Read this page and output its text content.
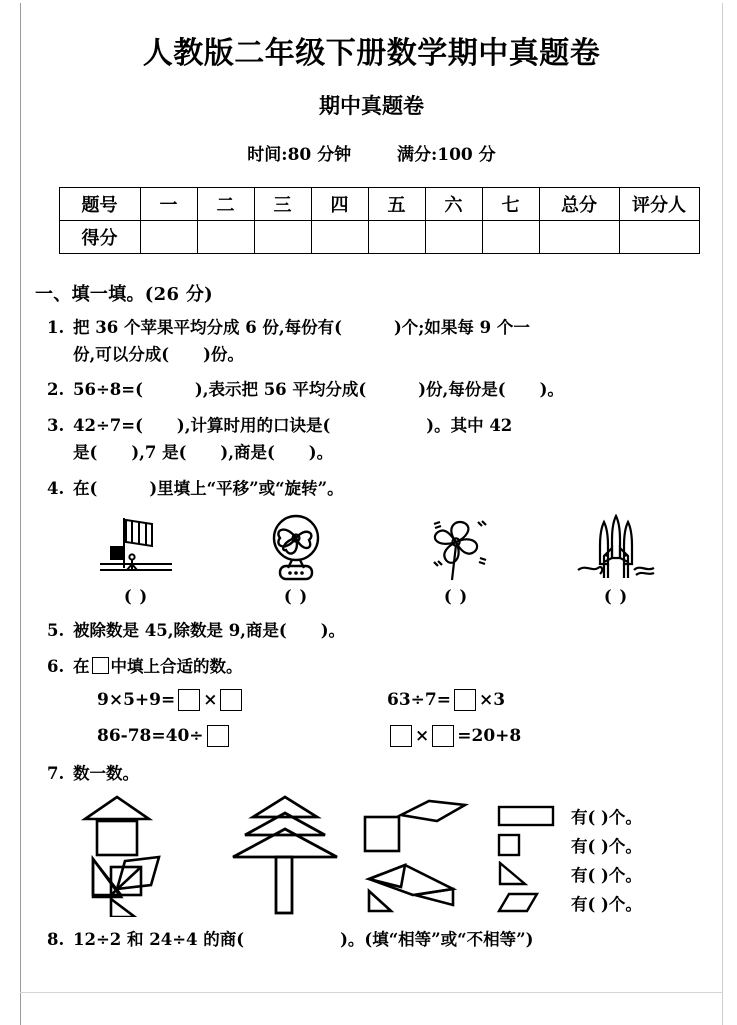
人教版二年级下册数学期中真题卷
期中真题卷

时间:80 分钟	满分:100 分

题号	一	二	三	四	五	六	七	总分	评分人
得分									
一、填一填。(26 分)
1. 把 36 个苹果平均分成 6 份,每份有(	)个;如果每 9 个一
份,可以分成( )份。
2. 56÷8=(	),表示把 56 平均分成(	)份,每份是( )。
3. 42÷7=( ),计算时用的口诀是(	)。其中 42
是( ),7 是( ),商是( )。
4. 在(	)里填上“平移”或“旋转”。
( )	( )	( )	( )
5. 被除数是 45,除数是 9,商是( )。
6. 在 中填上合适的数。
9×5+9= ×	63÷7= ×3
86-78=40÷	× =20+8
7. 数一数。
有( )个。
有( )个。
有( )个。
有( )个。
8. 12÷2 和 24÷4 的商(	)。(填“相等”或“不相等”)
